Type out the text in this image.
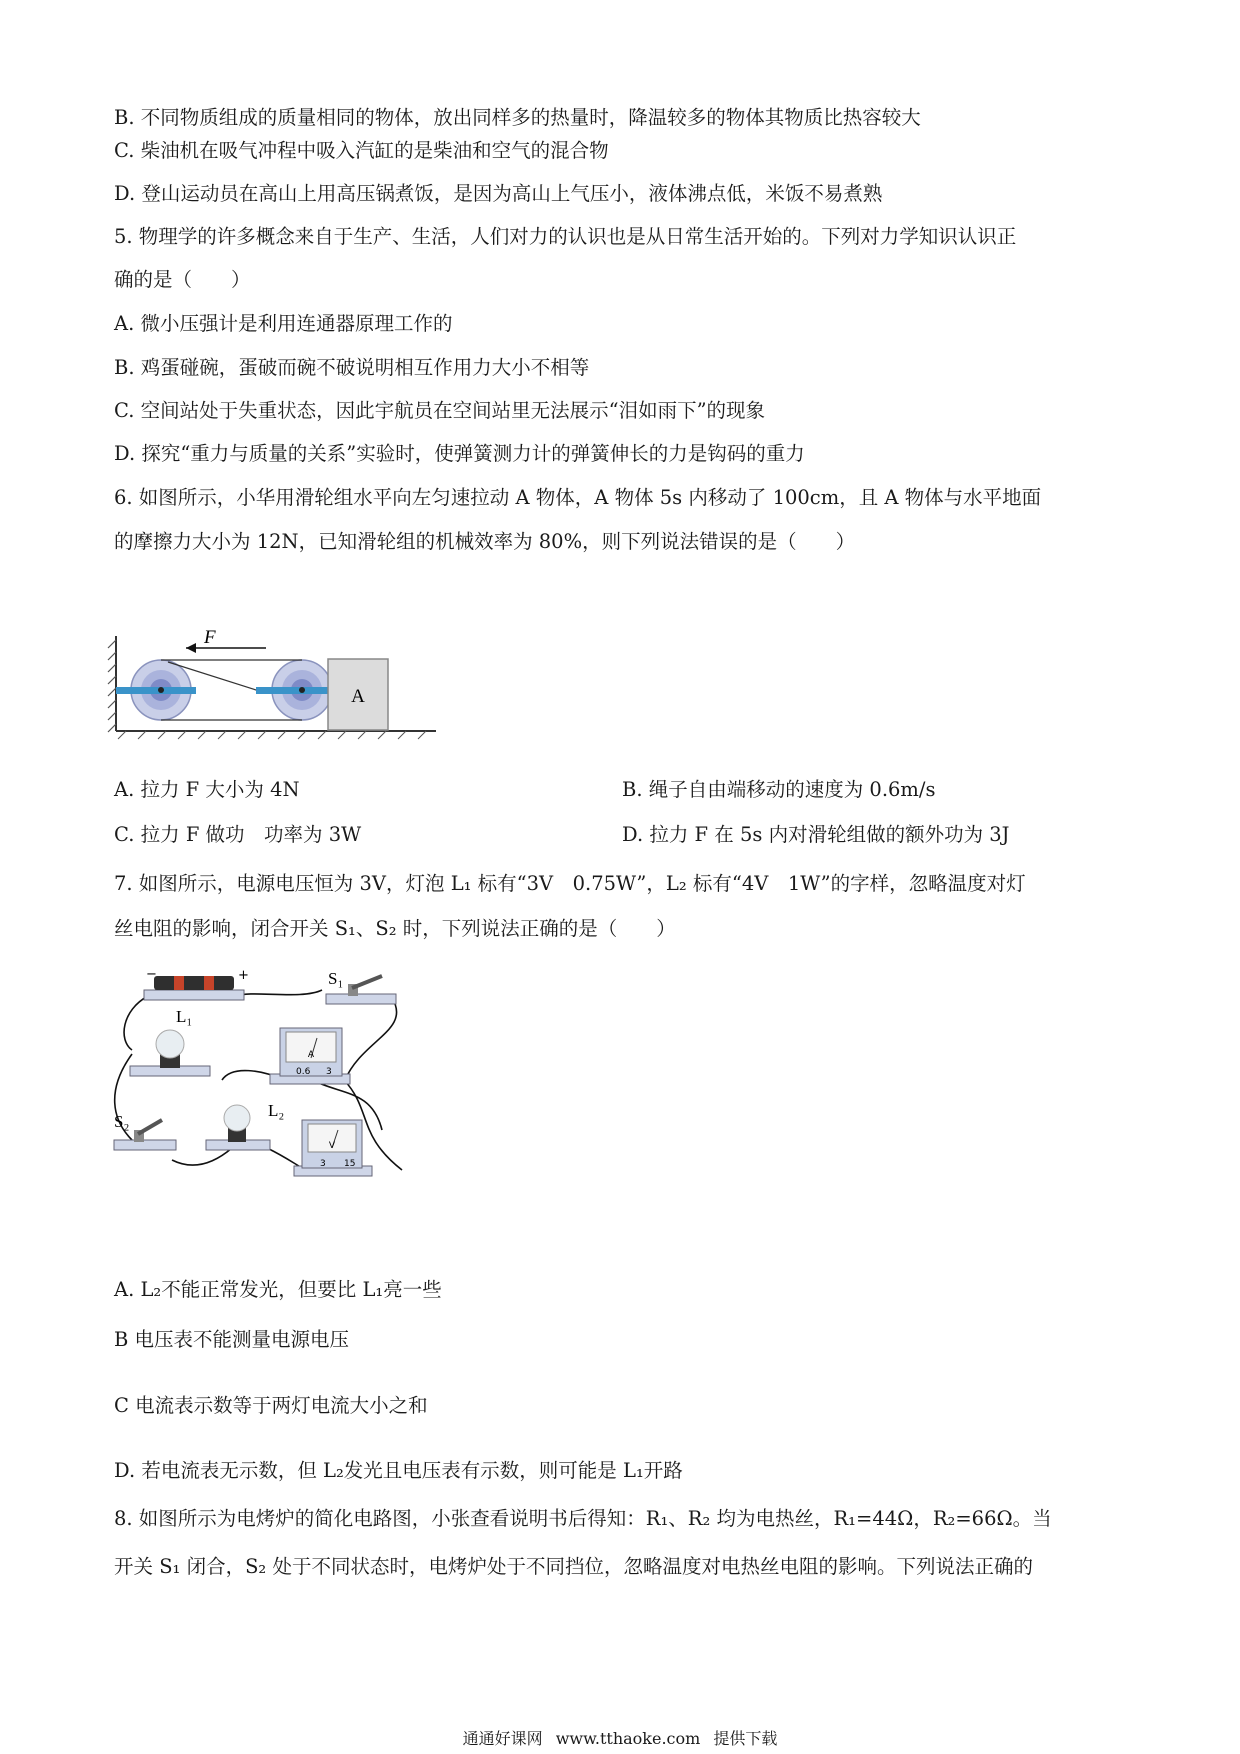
B. 不同物质组成的质量相同的物体，放出同样多的热量时，降温较多的物体其物质比热容较大
C. 柴油机在吸气冲程中吸入汽缸的是柴油和空气的混合物
D. 登山运动员在高山上用高压锅煮饭，是因为高山上气压小，液体沸点低，米饭不易煮熟
5. 物理学的许多概念来自于生产、生活，人们对力的认识也是从日常生活开始的。下列对力学知识认识正
确的是（　　）
A. 微小压强计是利用连通器原理工作的
B. 鸡蛋碰碗，蛋破而碗不破说明相互作用力大小不相等
C. 空间站处于失重状态，因此宇航员在空间站里无法展示“泪如雨下”的现象
D. 探究“重力与质量的关系”实验时，使弹簧测力计的弹簧伸长的力是钩码的重力
6. 如图所示，小华用滑轮组水平向左匀速拉动 A 物体，A 物体 5s 内移动了 100cm，且 A 物体与水平地面
的摩擦力大小为 12N，已知滑轮组的机械效率为 80%，则下列说法错误的是（　　）
F
A
A. 拉力 F 大小为 4N	B. 绳子自由端移动的速度为 0.6m/s
C. 拉力 F 做功　功率为 3W	D. 拉力 F 在 5s 内对滑轮组做的额外功为 3J
7. 如图所示，电源电压恒为 3V，灯泡 L₁ 标有“3V　0.75W”，L₂ 标有“4V　1W”的字样，忽略温度对灯
丝电阻的影响，闭合开关 S₁、S₂ 时，下列说法正确的是（　　）
−	+	S₁
L₁
A
0.6 3
S₂
L₂
V
3 15
A. L₂不能正常发光，但要比 L₁亮一些
B 电压表不能测量电源电压
C 电流表示数等于两灯电流大小之和
D. 若电流表无示数，但 L₂发光且电压表有示数，则可能是 L₁开路
8. 如图所示为电烤炉的简化电路图，小张查看说明书后得知：R₁、R₂ 均为电热丝，R₁=44Ω，R₂=66Ω。当
开关 S₁ 闭合，S₂ 处于不同状态时，电烤炉处于不同挡位，忽略温度对电热丝电阻的影响。下列说法正确的
通通好课网 www.tthaoke.com 提供下载
